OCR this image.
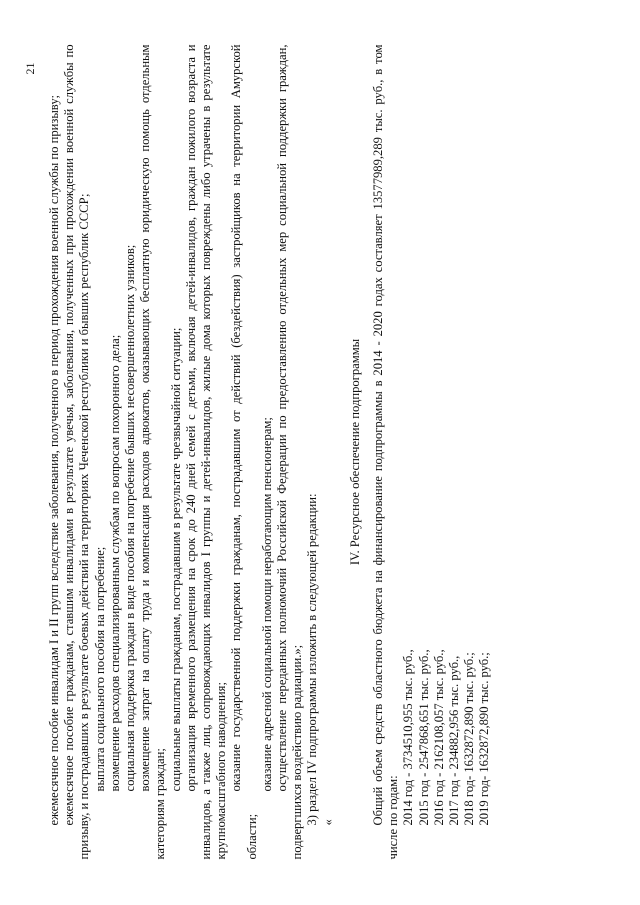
21

ежемесячное пособие инвалидам I и II групп вследствие заболевания, полученного в период прохождения военной службы по призыву; ежемесячное пособие гражданам, ставшим инвалидами в результате увечья, заболевания, полученных при прохождении военной службы по призыву, и пострадавших в результате боевых действий на территориях Чеченской республики и бывших республик СССР; выплата социального пособия на погребение; возмещение расходов специализированным службам по вопросам похоронного дела; социальная поддержка граждан в виде пособия на погребение бывших несовершеннолетних узников; возмещение затрат на оплату труда и компенсация расходов адвокатов, оказывающих бесплатную юридическую помощь отдельным категориям граждан;

социальные выплаты гражданам, пострадавшим в результате чрезвычайной ситуации; организация временного размещения на срок до 240 дней семей с детьми, включая детей-инвалидов, граждан пожилого возраста и инвалидов, а также лиц, сопровождающих инвалидов I группы и детей-инвалидов, жилые дома которых повреждены либо утрачены в результате крупномасштабного наводнения; оказание государственной поддержки гражданам, пострадавшим от действий (бездействия) застройщиков на территории Амурской области;

оказание адресной социальной помощи неработающим пенсионерам; осуществление переданных полномочий Российской Федерации по предоставлению отдельных мер социальной поддержки граждан, подвергшихся воздействию радиации.»; 3) раздел IV подпрограммы изложить в следующей редакции: «

IV. Ресурсное обеспечение подпрограммы Общий объем средств областного бюджета на финансирование подпрограммы в 2014 - 2020 годах составляет 13577989,289 тыс. руб., в том числе по годам: 2014 год - 3734510,955 тыс. руб., 2015 год - 2547868,651 тыс. руб., 2016 год - 2162108,057 тыс. руб., 2017 год - 234882,956 тыс. руб., 2018 год- 1632872,890 тыс. руб.; 2019 год- 1632872,890 тыс. руб.;
